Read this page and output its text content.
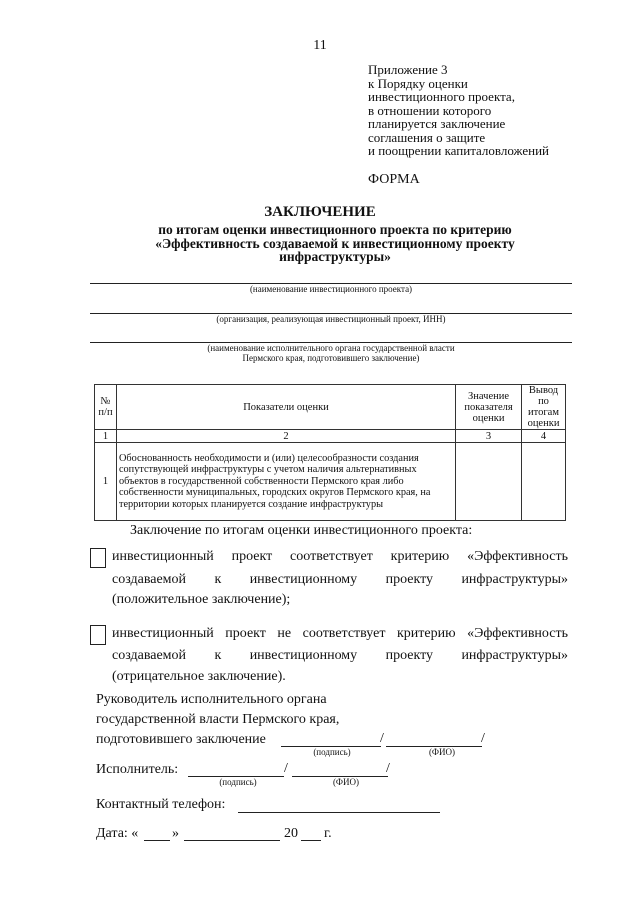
11
Приложение 3
к Порядку оценки
инвестиционного проекта,
в отношении которого
планируется заключение
соглашения о защите
и поощрении капиталовложений
ФОРМА
ЗАКЛЮЧЕНИЕ
по итогам оценки инвестиционного проекта по критерию
«Эффективность создаваемой к инвестиционному проекту
инфраструктуры»
(наименование инвестиционного проекта)
(организация, реализующая инвестиционный проект, ИНН)
(наименование исполнительного органа государственной власти
Пермского края, подготовившего заключение)
№ п/п	Показатели оценки	Значение показателя оценки	Вывод по итогам оценки
1	2	3	4
1	Обоснованность необходимости и (или) целесообразности создания сопутствующей инфраструктуры с учетом наличия альтернативных объектов в государственной собственности Пермского края либо собственности муниципальных, городских округов Пермского края, на территории которых планируется создание инфраструктуры		
Заключение по итогам оценки инвестиционного проекта:
инвестиционный проект соответствует критерию «Эффективность
создаваемой к инвестиционному проекту инфраструктуры»
(положительное заключение);
инвестиционный проект не соответствует критерию «Эффективность
создаваемой к инвестиционному проекту инфраструктуры»
(отрицательное заключение).
Руководитель исполнительного органа
государственной власти Пермского края,
подготовившего заключение	/	/
(подпись)	(ФИО)
Исполнитель:	/	/
(подпись)	(ФИО)
Контактный телефон:
Дата: « »	20 г.
